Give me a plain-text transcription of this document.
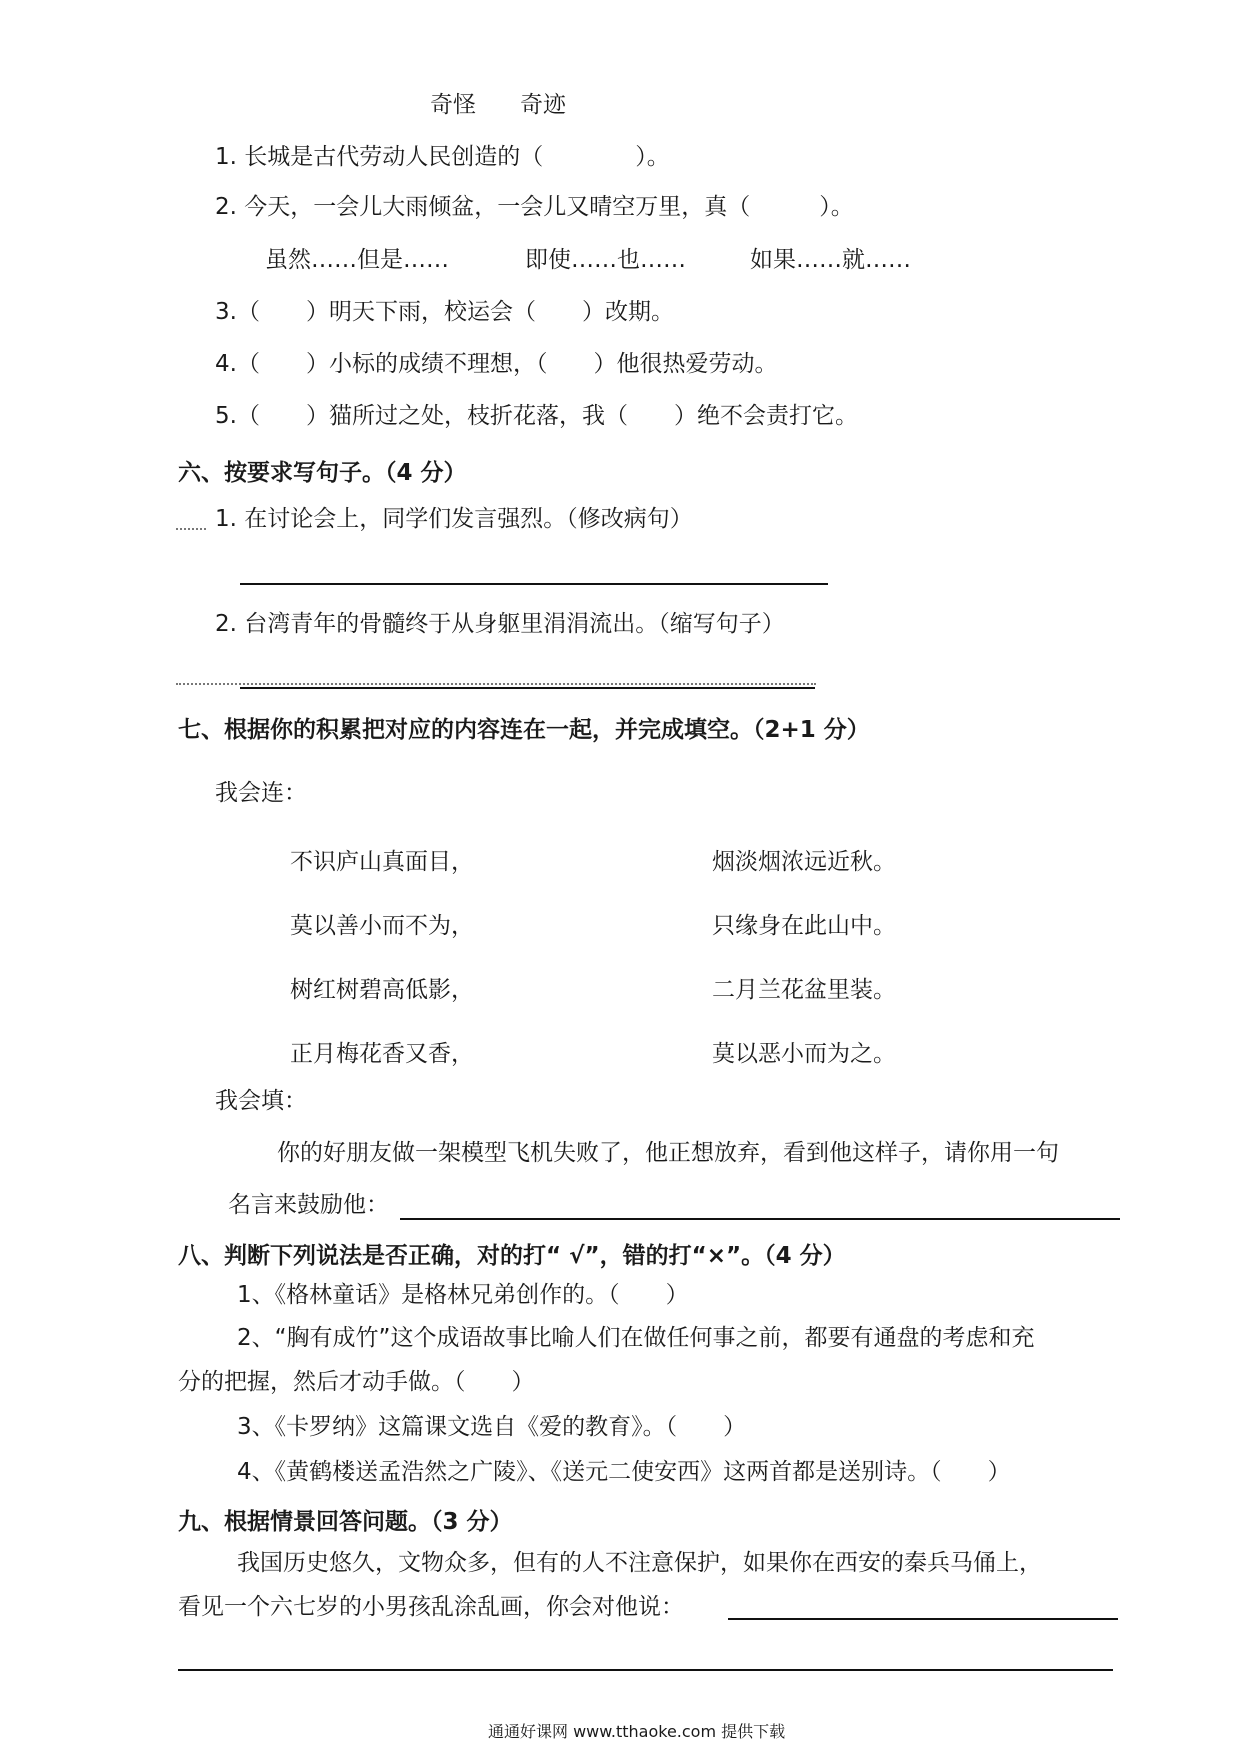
奇怪 奇迹
1. 长城是古代劳动人民创造的（　　　　）。
2. 今天，一会儿大雨倾盆，一会儿又晴空万里，真（　　　）。
虽然……但是……	即使……也……	如果……就……
3.（　　）明天下雨，校运会（　　）改期。
4.（　　）小标的成绩不理想，（　　）他很热爱劳动。
5.（　　）猫所过之处，枝折花落，我（　　）绝不会责打它。
六、按要求写句子。（4 分）
1. 在讨论会上，同学们发言强烈。（修改病句）
2. 台湾青年的骨髓终于从身躯里涓涓流出。（缩写句子）
七、根据你的积累把对应的内容连在一起，并完成填空。（2+1 分）
我会连：
不识庐山真面目，
莫以善小而不为，
树红树碧高低影，
正月梅花香又香，
烟淡烟浓远近秋。
只缘身在此山中。
二月兰花盆里装。
莫以恶小而为之。
我会填：
你的好朋友做一架模型飞机失败了，他正想放弃，看到他这样子，请你用一句
名言来鼓励他：
八、判断下列说法是否正确，对的打“ √”，错的打“×”。（4 分）
1、《格林童话》是格林兄弟创作的。（　　）
2、“胸有成竹”这个成语故事比喻人们在做任何事之前，都要有通盘的考虑和充
分的把握，然后才动手做。（　　）
3、《卡罗纳》这篇课文选自《爱的教育》。（　　）
4、《黄鹤楼送孟浩然之广陵》、《送元二使安西》这两首都是送别诗。（　　）
九、根据情景回答问题。（3 分）
我国历史悠久，文物众多，但有的人不注意保护，如果你在西安的秦兵马俑上，
看见一个六七岁的小男孩乱涂乱画，你会对他说：
通通好课网 www.tthaoke.com 提供下载
